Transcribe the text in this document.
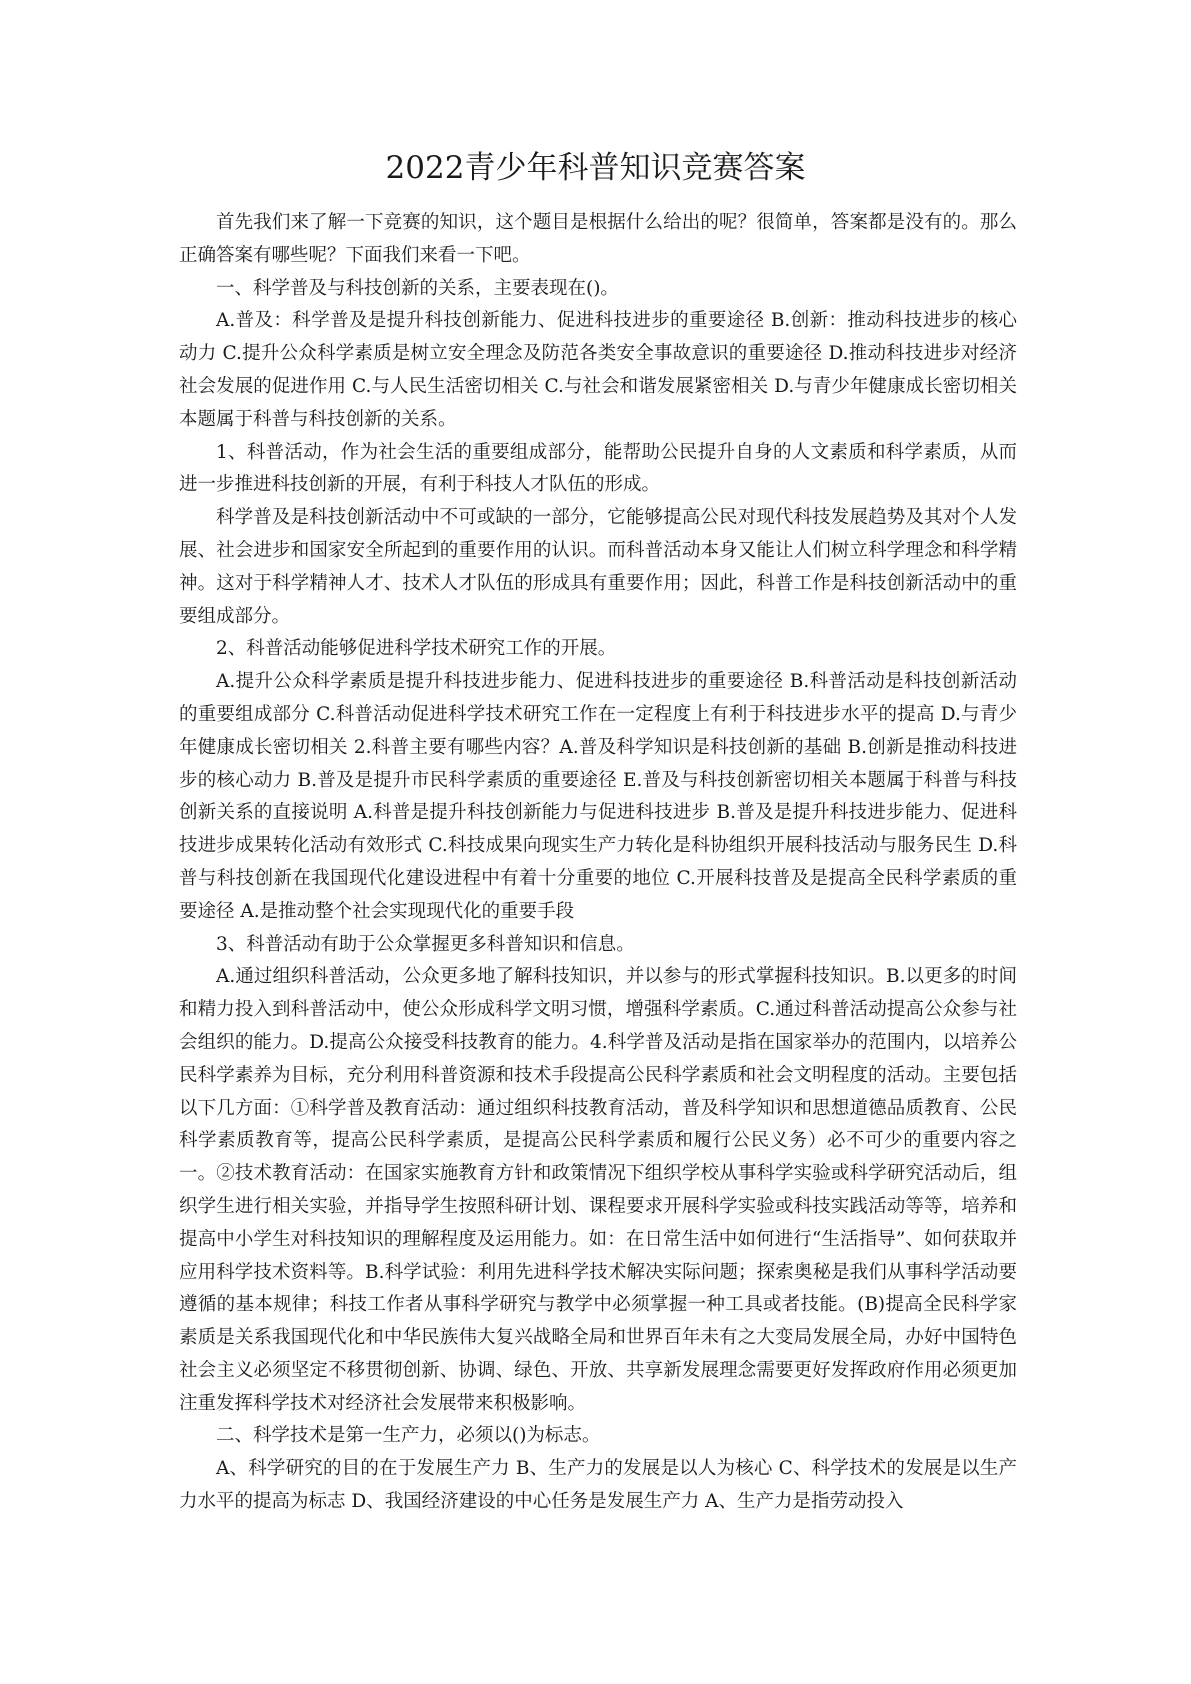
2022青少年科普知识竞赛答案

首先我们来了解一下竞赛的知识，这个题目是根据什么给出的呢？很简单，答案都是没有的。那么正确答案有哪些呢？下面我们来看一下吧。

一、科学普及与科技创新的关系，主要表现在()。

A.普及：科学普及是提升科技创新能力、促进科技进步的重要途径 B.创新：推动科技进步的核心动力 C.提升公众科学素质是树立安全理念及防范各类安全事故意识的重要途径 D.推动科技进步对经济社会发展的促进作用 C.与人民生活密切相关 C.与社会和谐发展紧密相关 D.与青少年健康成长密切相关本题属于科普与科技创新的关系。

1、科普活动，作为社会生活的重要组成部分，能帮助公民提升自身的人文素质和科学素质，从而进一步推进科技创新的开展，有利于科技人才队伍的形成。

科学普及是科技创新活动中不可或缺的一部分，它能够提高公民对现代科技发展趋势及其对个人发展、社会进步和国家安全所起到的重要作用的认识。而科普活动本身又能让人们树立科学理念和科学精神。这对于科学精神人才、技术人才队伍的形成具有重要作用；因此，科普工作是科技创新活动中的重要组成部分。

2、科普活动能够促进科学技术研究工作的开展。

A.提升公众科学素质是提升科技进步能力、促进科技进步的重要途径 B.科普活动是科技创新活动的重要组成部分 C.科普活动促进科学技术研究工作在一定程度上有利于科技进步水平的提高 D.与青少年健康成长密切相关 2.科普主要有哪些内容？A.普及科学知识是科技创新的基础 B.创新是推动科技进步的核心动力 B.普及是提升市民科学素质的重要途径 E.普及与科技创新密切相关本题属于科普与科技创新关系的直接说明 A.科普是提升科技创新能力与促进科技进步 B.普及是提升科技进步能力、促进科技进步成果转化活动有效形式 C.科技成果向现实生产力转化是科协组织开展科技活动与服务民生 D.科普与科技创新在我国现代化建设进程中有着十分重要的地位 C.开展科技普及是提高全民科学素质的重要途径 A.是推动整个社会实现现代化的重要手段

3、科普活动有助于公众掌握更多科普知识和信息。

A.通过组织科普活动，公众更多地了解科技知识，并以参与的形式掌握科技知识。B.以更多的时间和精力投入到科普活动中，使公众形成科学文明习惯，增强科学素质。C.通过科普活动提高公众参与社会组织的能力。D.提高公众接受科技教育的能力。4.科学普及活动是指在国家举办的范围内，以培养公民科学素养为目标，充分利用科普资源和技术手段提高公民科学素质和社会文明程度的活动。主要包括以下几方面：①科学普及教育活动：通过组织科技教育活动，普及科学知识和思想道德品质教育、公民科学素质教育等，提高公民科学素质，是提高公民科学素质和履行公民义务）必不可少的重要内容之一。②技术教育活动：在国家实施教育方针和政策情况下组织学校从事科学实验或科学研究活动后，组织学生进行相关实验，并指导学生按照科研计划、课程要求开展科学实验或科技实践活动等等，培养和提高中小学生对科技知识的理解程度及运用能力。如：在日常生活中如何进行“生活指导”、如何获取并应用科学技术资料等。B.科学试验：利用先进科学技术解决实际问题；探索奥秘是我们从事科学活动要遵循的基本规律；科技工作者从事科学研究与教学中必须掌握一种工具或者技能。(B)提高全民科学家素质是关系我国现代化和中华民族伟大复兴战略全局和世界百年未有之大变局发展全局，办好中国特色社会主义必须坚定不移贯彻创新、协调、绿色、开放、共享新发展理念需要更好发挥政府作用必须更加注重发挥科学技术对经济社会发展带来积极影响。

二、科学技术是第一生产力，必须以()为标志。

A、科学研究的目的在于发展生产力 B、生产力的发展是以人为核心 C、科学技术的发展是以生产力水平的提高为标志 D、我国经济建设的中心任务是发展生产力 A、生产力是指劳动投入
